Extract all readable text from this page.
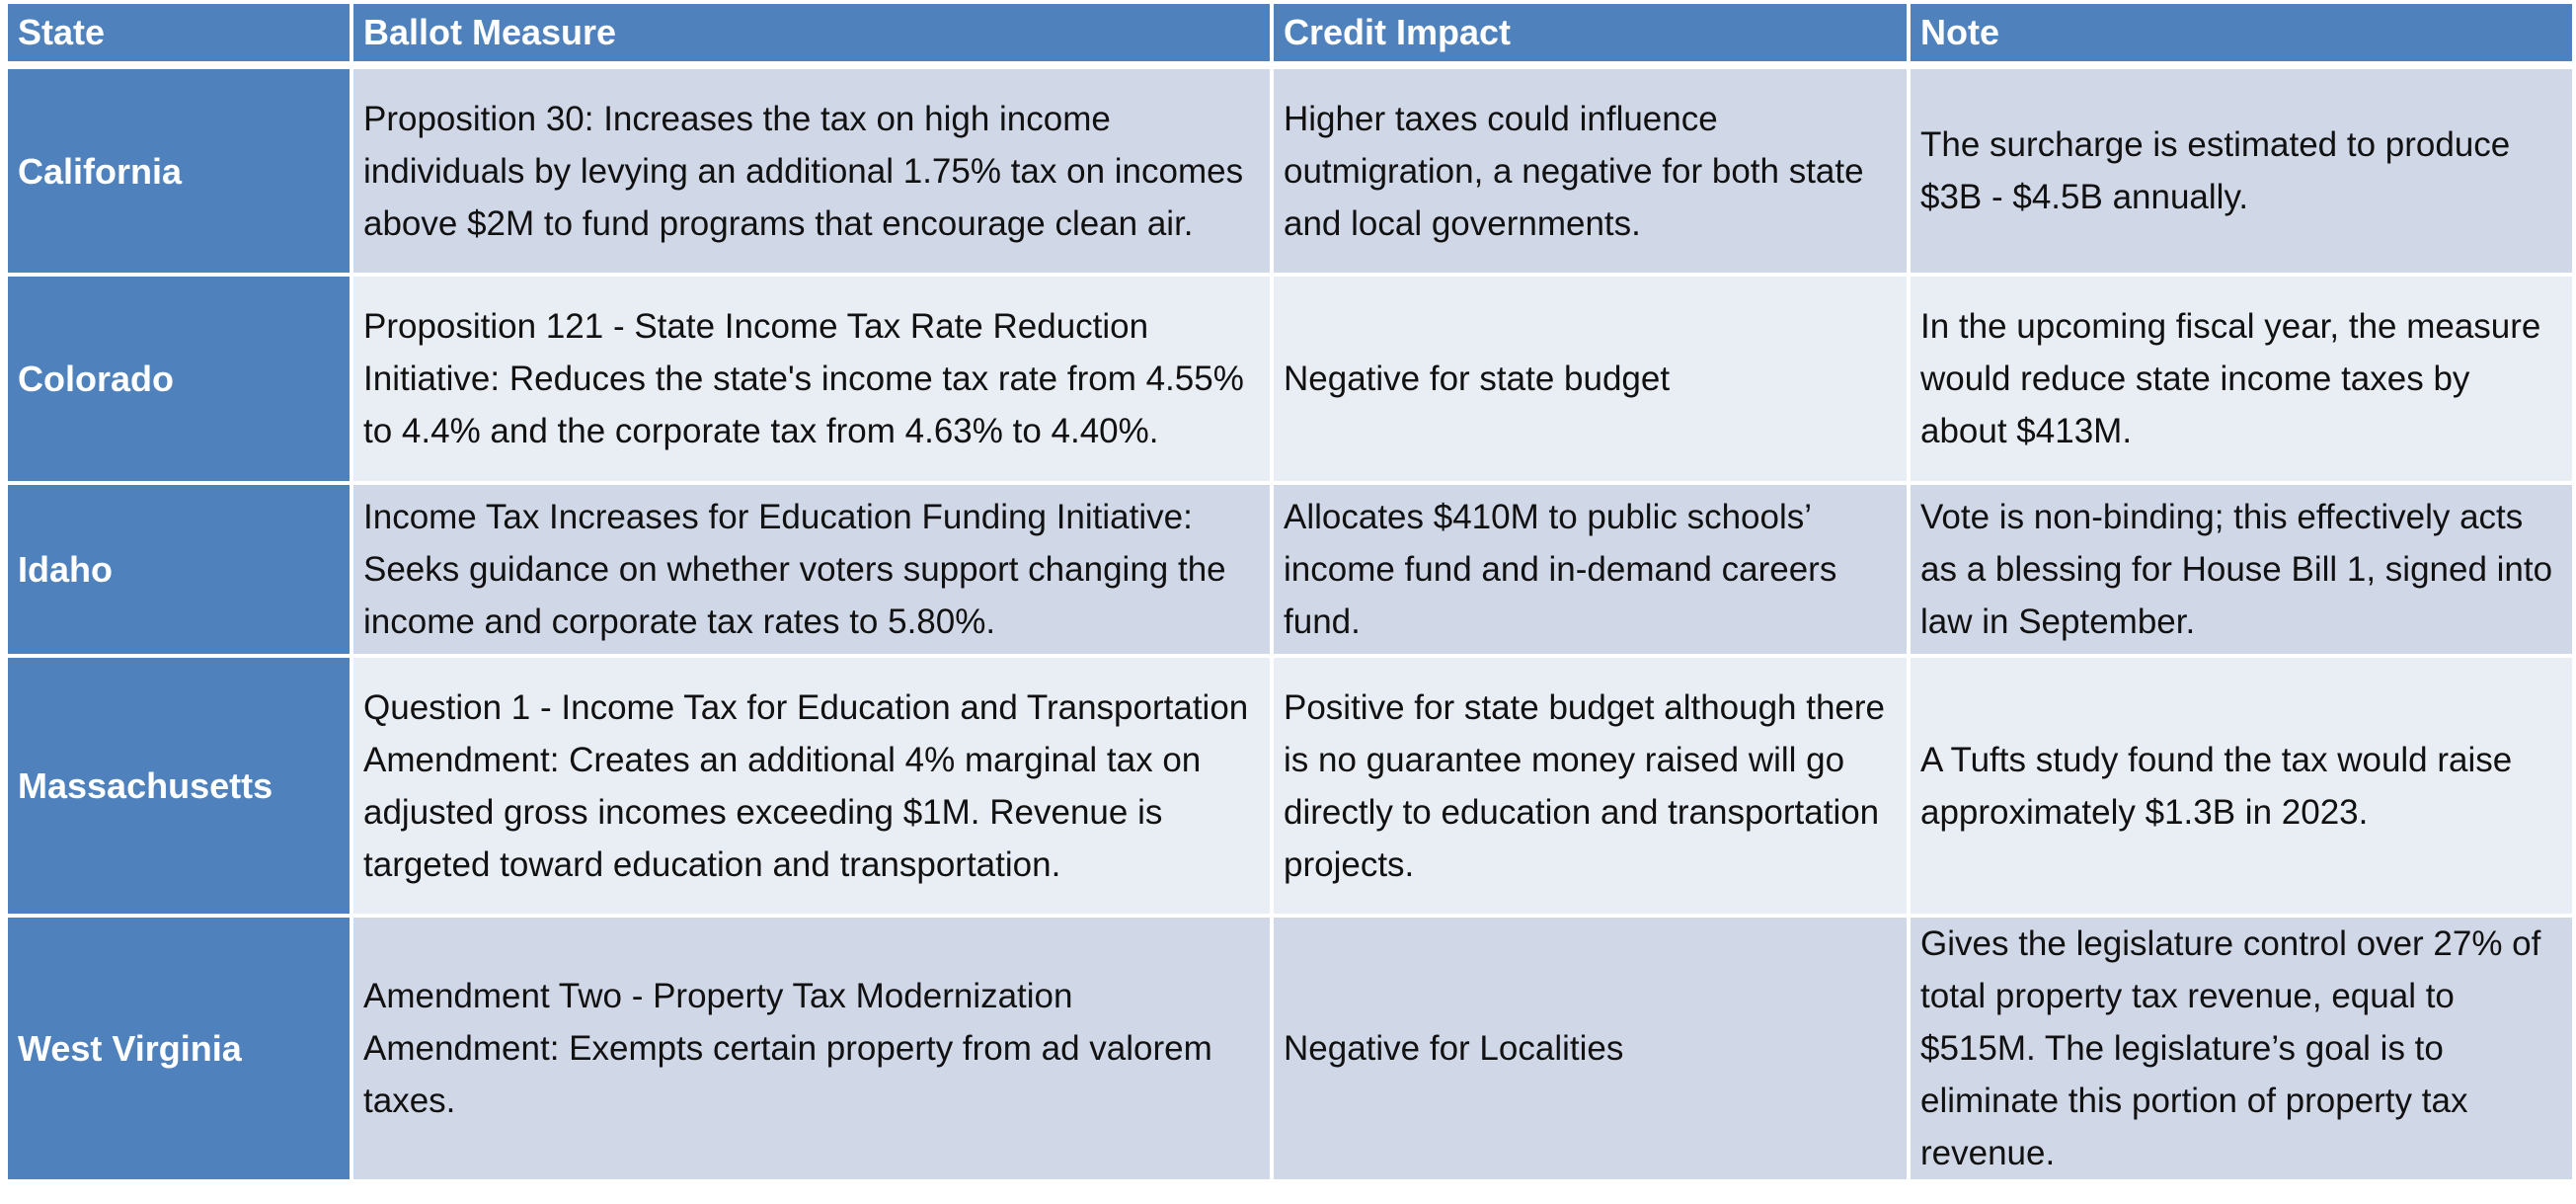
State	Ballot Measure	Credit Impact	Note
California	Proposition 30: Increases the tax on high income individuals by levying an additional 1.75% tax on incomes above $2M to fund programs that encourage clean air.	Higher taxes could influence outmigration, a negative for both state and local governments.	The surcharge is estimated to produce $3B - $4.5B annually.
Colorado	Proposition 121 - State Income Tax Rate Reduction Initiative: Reduces the state's income tax rate from 4.55% to 4.4% and the corporate tax from 4.63% to 4.40%.	Negative for state budget	In the upcoming fiscal year, the measure would reduce state income taxes by about $413M.
Idaho	Income Tax Increases for Education Funding Initiative: Seeks guidance on whether voters support changing the income and corporate tax rates to 5.80%.	Allocates $410M to public schools’ income fund and in-demand careers fund.	Vote is non-binding; this effectively acts as a blessing for House Bill 1, signed into law in September.
Massachusetts	Question 1 - Income Tax for Education and Transportation Amendment: Creates an additional 4% marginal tax on adjusted gross incomes exceeding $1M. Revenue is targeted toward education and transportation.	Positive for state budget although there is no guarantee money raised will go directly to education and transportation projects.	A Tufts study found the tax would raise approximately $1.3B in 2023.
West Virginia	Amendment Two - Property Tax Modernization Amendment: Exempts certain property from ad valorem taxes.	Negative for Localities	Gives the legislature control over 27% of total property tax revenue, equal to $515M. The legislature’s goal is to eliminate this portion of property tax revenue.
